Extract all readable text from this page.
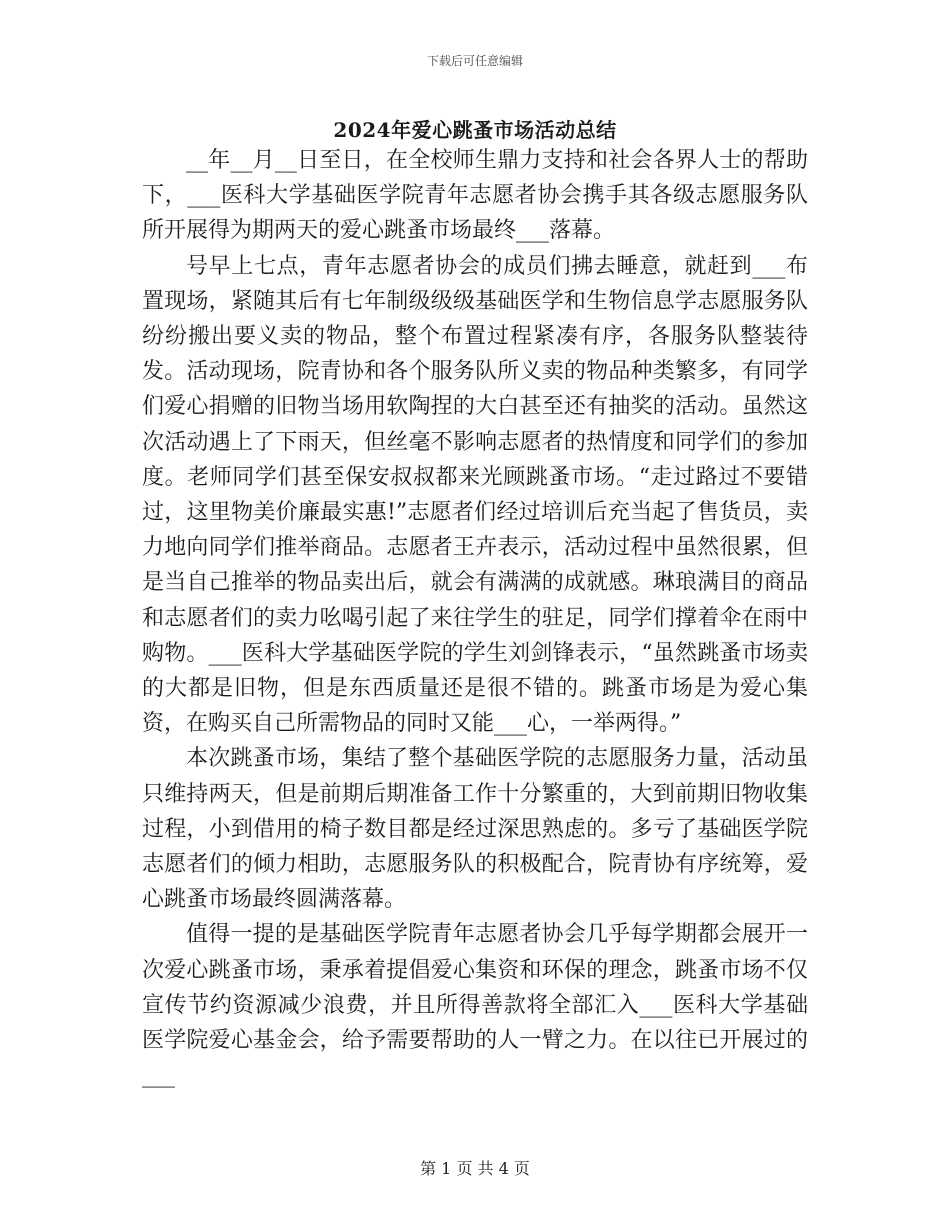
下载后可任意编辑
2024年爱心跳蚤市场活动总结

__年__月__日至日，在全校师生鼎力支持和社会各界人士的帮助下，___医科大学基础医学院青年志愿者协会携手其各级志愿服务队所开展得为期两天的爱心跳蚤市场最终___落幕。

号早上七点，青年志愿者协会的成员们拂去睡意，就赶到___布置现场，紧随其后有七年制级级级基础医学和生物信息学志愿服务队纷纷搬出要义卖的物品，整个布置过程紧凑有序，各服务队整装待发。活动现场，院青协和各个服务队所义卖的物品种类繁多，有同学们爱心捐赠的旧物当场用软陶捏的大白甚至还有抽奖的活动。虽然这次活动遇上了下雨天，但丝毫不影响志愿者的热情度和同学们的参加度。老师同学们甚至保安叔叔都来光顾跳蚤市场。“走过路过不要错过，这里物美价廉最实惠!”志愿者们经过培训后充当起了售货员，卖力地向同学们推举商品。志愿者王卉表示，活动过程中虽然很累，但是当自己推举的物品卖出后，就会有满满的成就感。琳琅满目的商品和志愿者们的卖力吆喝引起了来往学生的驻足，同学们撑着伞在雨中购物。___医科大学基础医学院的学生刘剑锋表示，“虽然跳蚤市场卖的大都是旧物，但是东西质量还是很不错的。跳蚤市场是为爱心集资，在购买自己所需物品的同时又能___心，一举两得。”

本次跳蚤市场，集结了整个基础医学院的志愿服务力量，活动虽只维持两天，但是前期后期准备工作十分繁重的，大到前期旧物收集过程，小到借用的椅子数目都是经过深思熟虑的。多亏了基础医学院志愿者们的倾力相助，志愿服务队的积极配合，院青协有序统筹，爱心跳蚤市场最终圆满落幕。

值得一提的是基础医学院青年志愿者协会几乎每学期都会展开一次爱心跳蚤市场，秉承着提倡爱心集资和环保的理念，跳蚤市场不仅宣传节约资源减少浪费，并且所得善款将全部汇入___医科大学基础医学院爱心基金会，给予需要帮助的人一臂之力。在以往已开展过的___

第 1 页 共 4 页
